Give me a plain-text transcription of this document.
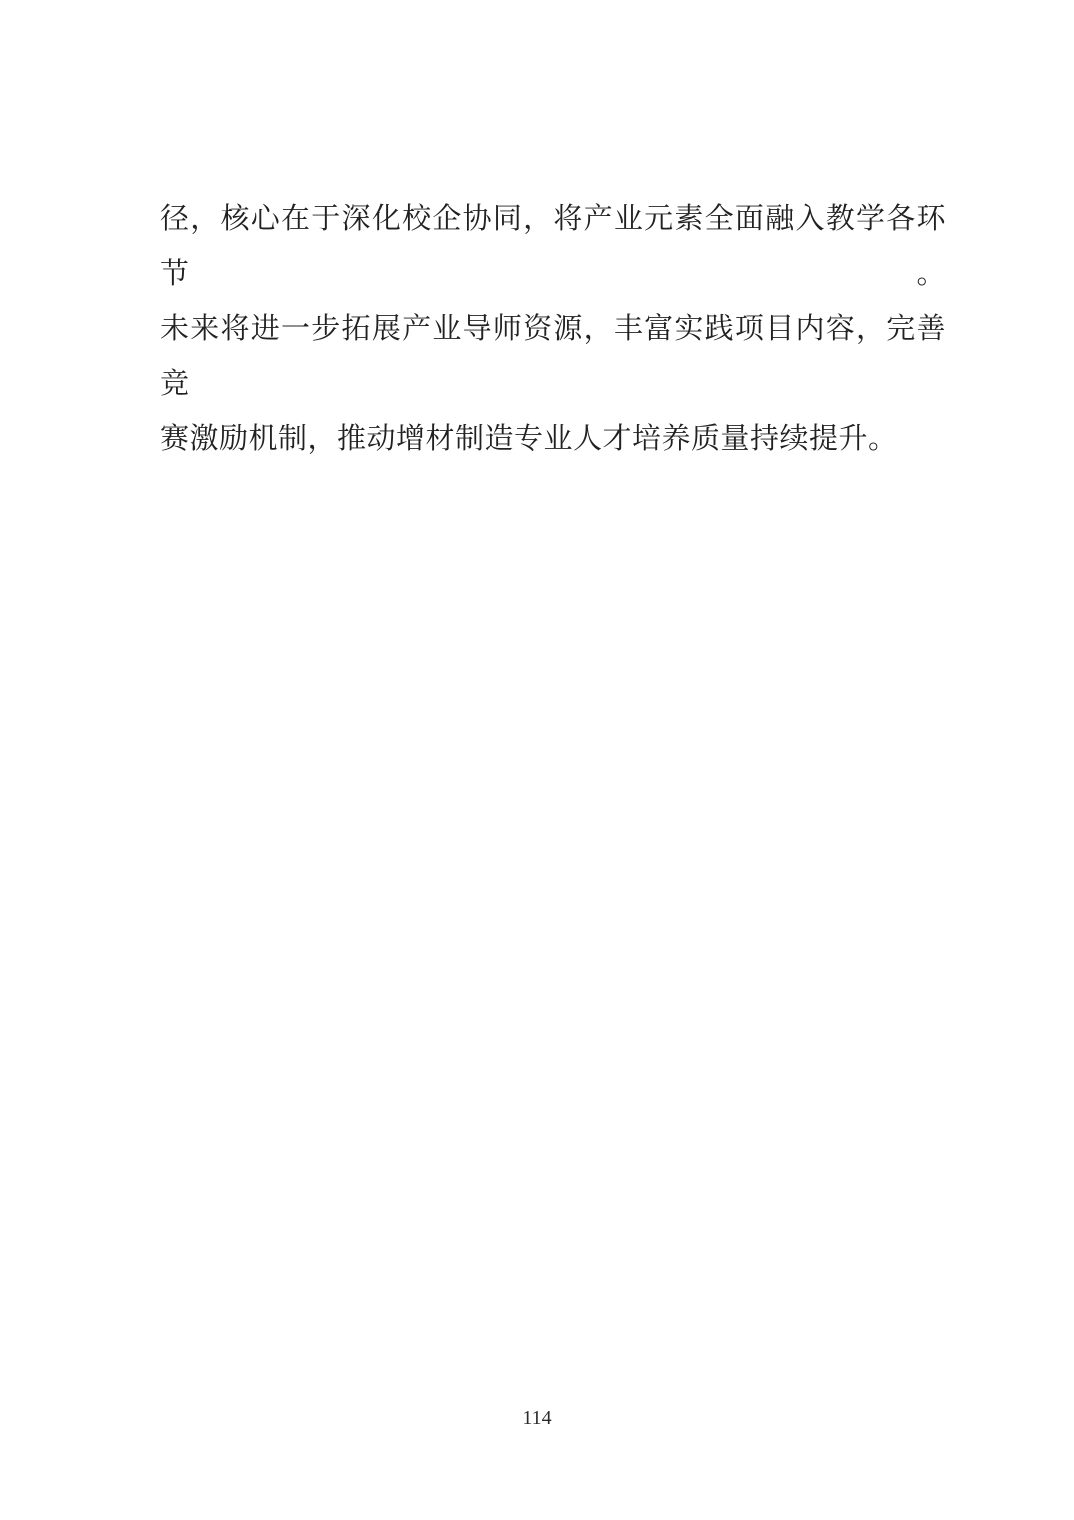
径，核心在于深化校企协同，将产业元素全面融入教学各环节。
未来将进一步拓展产业导师资源，丰富实践项目内容，完善竞
赛激励机制，推动增材制造专业人才培养质量持续提升。
114
